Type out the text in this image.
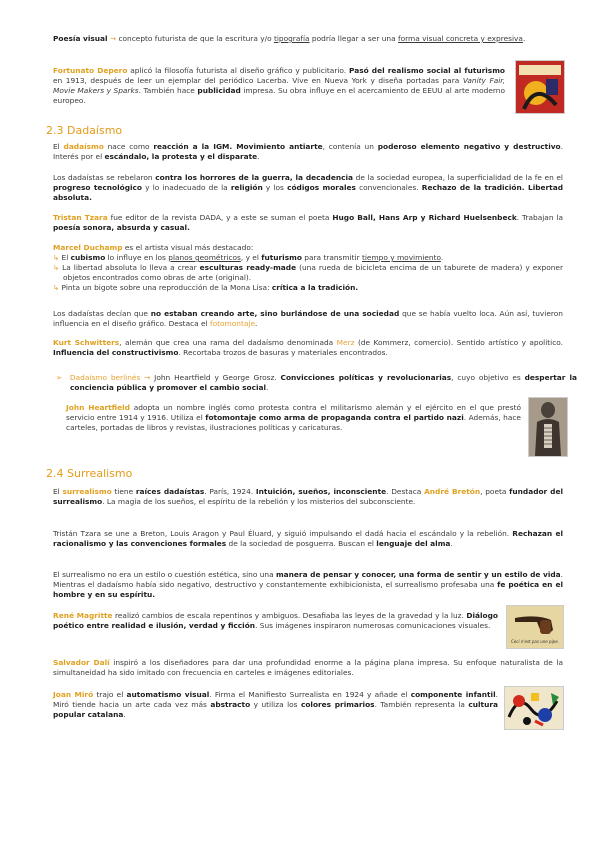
Poesía visual → concepto futurista de que la escritura y/o tipografía podría llegar a ser una forma visual concreta y expresiva.

Fortunato Depero aplicó la filosofía futurista al diseño gráfico y publicitario. Pasó del realismo social al futurismo en 1913, después de leer un ejemplar del periódico Lacerba. Vive en Nueva York y diseña portadas para Vanity Fair, Movie Makers y Sparks. También hace publicidad impresa. Su obra influye en el acercamiento de EEUU al arte moderno europeo.

2.3 Dadaísmo

El dadaísmo nace como reacción a la IGM. Movimiento antiarte, contenía un poderoso elemento negativo y destructivo. Interés por el escándalo, la protesta y el disparate.

Los dadaístas se rebelaron contra los horrores de la guerra, la decadencia de la sociedad europea, la superficialidad de la fe en el progreso tecnológico y lo inadecuado de la religión y los códigos morales convencionales. Rechazo de la tradición. Libertad absoluta.

Tristan Tzara fue editor de la revista DADA, y a este se suman el poeta Hugo Ball, Hans Arp y Richard Huelsenbeck. Trabajan la poesía sonora, absurda y casual.

Marcel Duchamp es el artista visual más destacado:

↳ El cubismo lo influye en los planos geométricos, y el futurismo para transmitir tiempo y movimiento.

↳ La libertad absoluta lo lleva a crear esculturas ready-made (una rueda de bicicleta encima de un taburete de madera) y exponer objetos encontrados como obras de arte (original).

↳ Pinta un bigote sobre una reproducción de la Mona Lisa: crítica a la tradición.

Los dadaístas decían que no estaban creando arte, sino burlándose de una sociedad que se había vuelto loca. Aún así, tuvieron influencia en el diseño gráfico. Destaca el fotomontaje.

Kurt Schwitters, alemán que crea una rama del dadaísmo denominada Merz (de Kommerz, comercio). Sentido artístico y apolítico. Influencia del constructivismo. Recortaba trozos de basuras y materiales encontrados.

➢ Dadaísmo berlinés → John Heartfield y George Grosz. Convicciones políticas y revolucionarias, cuyo objetivo es despertar la conciencia pública y promover el cambio social.

John Heartfield adopta un nombre inglés como protesta contra el militarismo alemán y el ejército en el que prestó servicio entre 1914 y 1916. Utiliza el fotomontaje como arma de propaganda contra el partido nazi. Además, hace carteles, portadas de libros y revistas, ilustraciones políticas y caricaturas.

2.4 Surrealismo

El surrealismo tiene raíces dadaístas. París, 1924. Intuición, sueños, inconsciente. Destaca André Bretón, poeta fundador del surrealismo. La magia de los sueños, el espíritu de la rebelión y los misterios del subconsciente.

Tristán Tzara se une a Breton, Louis Aragon y Paul Éluard, y siguió impulsando el dadá hacia el escándalo y la rebelión. Rechazan el racionalismo y las convenciones formales de la sociedad de posguerra. Buscan el lenguaje del alma.

El surrealismo no era un estilo o cuestión estética, sino una manera de pensar y conocer, una forma de sentir y un estilo de vida. Mientras el dadaísmo había sido negativo, destructivo y constantemente exhibicionista, el surrealismo profesaba una fe poética en el hombre y en su espíritu.

René Magritte realizó cambios de escala repentinos y ambiguos. Desafiaba las leyes de la gravedad y la luz. Diálogo poético entre realidad e ilusión, verdad y ficción. Sus imágenes inspiraron numerosas comunicaciones visuales.

Ceci n'est pas une pipe.

Salvador Dalí inspiró a los diseñadores para dar una profundidad enorme a la página plana impresa. Su enfoque naturalista de la simultaneidad ha sido imitado con frecuencia en carteles e imágenes editoriales.

Joan Miró trajo el automatismo visual. Firma el Manifiesto Surrealista en 1924 y añade el componente infantil. Miró tiende hacia un arte cada vez más abstracto y utiliza los colores primarios. También representa la cultura popular catalana.
